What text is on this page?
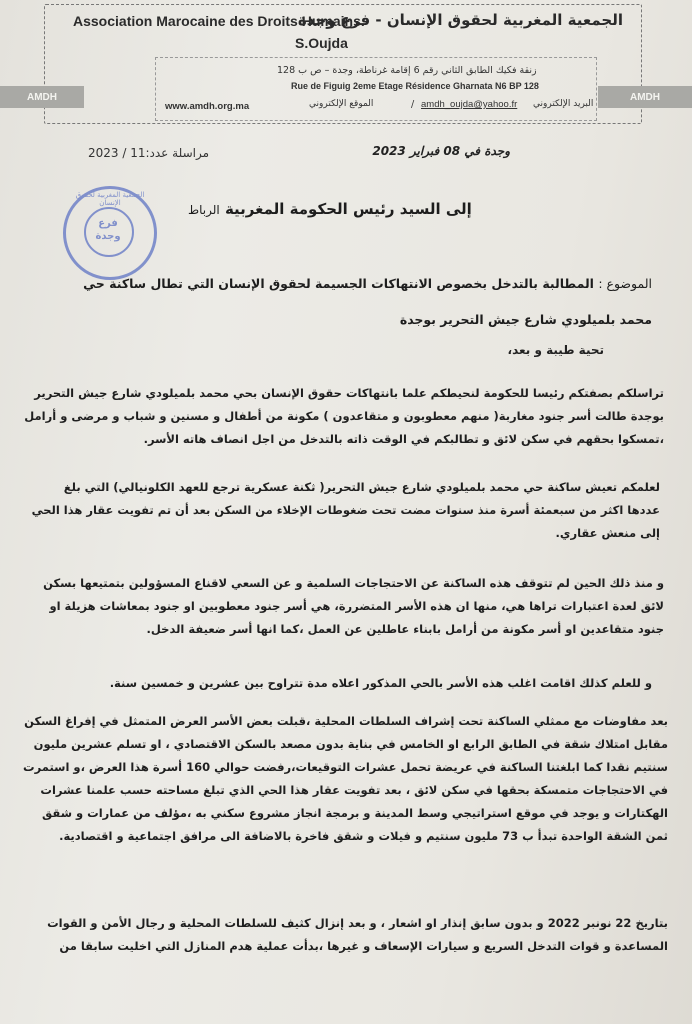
الجمعية المغربية لحقوق الإنسان - فرع وجدة
Association Marocaine des Droits Humains.
S.Oujda
زنقة فكيك الطابق الثاني رقم 6 إقامة غرناطة، وجدة – ص ب 128
Rue de Figuig 2eme Etage Résidence Gharnata N6 BP 128
البريد الإلكتروني
amdh_oujda@yahoo.fr
/
الموقع الإلكتروني
www.amdh.org.ma
AMDH	AMDH
وجدة في 08 فبراير 2023
مراسلة عدد:11 / 2023
الجمعية المغربية لحقوق الإنسان
فرع
وجدة
إلى السيد رئيس الحكومة المغربية الرباط
الموضوع : المطالبة بالتدخل بخصوص الانتهاكات الجسيمة لحقوق الإنسان التي تطال ساكنة حي
محمد بلميلودي شارع جيش التحرير بوجدة
تحية طيبة و بعد،
تراسلكم بصفتكم رئيسا للحكومة لنحيطكم علما بانتهاكات حقوق الإنسان بحي محمد بلميلودي شارع جيش التحرير بوجدة طالت أسر جنود مغاربة( منهم معطوبون و متقاعدون ) مكونة من أطفال و مسنين و شباب و مرضى و أرامل ،تمسكوا بحقهم في سكن لائق و تطالبكم في الوقت ذاته بالتدخل من اجل انصاف هاته الأسر.
لعلمكم تعيش ساكنة حي محمد بلميلودي شارع جيش التحرير( ثكنة عسكرية ترجع للعهد الكلونيالي) التي بلغ عددها اكثر من سبعمئة أسرة منذ سنوات مضت تحت ضغوطات الإخلاء من السكن بعد أن تم تفويت عقار هذا الحي إلى منعش عقاري.
و منذ ذلك الحين لم تتوقف هذه الساكنة عن الاحتجاجات السلمية و عن السعي لاقناع المسؤولين بتمتيعها بسكن لائق لعدة اعتبارات تراها هي، منها ان هذه الأسر المتضررة، هي أسر جنود معطوبين او جنود بمعاشات هزيلة او جنود متقاعدين او أسر مكونة من أرامل بابناء عاطلين عن العمل ،كما انها أسر ضعيفة الدخل.
و للعلم كذلك اقامت اغلب هذه الأسر بالحي المذكور اعلاه مدة تتراوح بين عشرين و خمسين سنة.
بعد مفاوضات مع ممثلي الساكنة تحت إشراف السلطات المحلية ،قبلت بعض الأسر العرض المتمثل في إفراغ السكن مقابل امتلاك شقة في الطابق الرابع او الخامس في بناية بدون مصعد بالسكن الاقتصادي ، او تسلم عشرين مليون سنتيم نقدا كما ابلغتنا الساكنة في عريضة تحمل عشرات التوقيعات،رفضت حوالي 160 أسرة هذا العرض ،و استمرت في الاحتجاجات متمسكة بحقها في سكن لائق ، بعد تفويت عقار هذا الحي الذي تبلغ مساحته حسب علمنا عشرات الهكتارات و يوجد في موقع استراتيجي وسط المدينة و برمجة انجاز مشروع سكني به ،مؤلف من عمارات و شقق ثمن الشقة الواحدة تبدأ ب 73 مليون سنتيم و فيلات و شقق فاخرة بالاضافة الى مرافق اجتماعية و اقتصادية.
بتاريخ 22 نونبر 2022 و بدون سابق إنذار او اشعار ، و بعد إنزال كثيف للسلطات المحلية و رجال الأمن و القوات المساعدة و قوات التدخل السريع و سيارات الإسعاف و غيرها ،بدأت عملية هدم المنازل التي اخليت سابقا من
